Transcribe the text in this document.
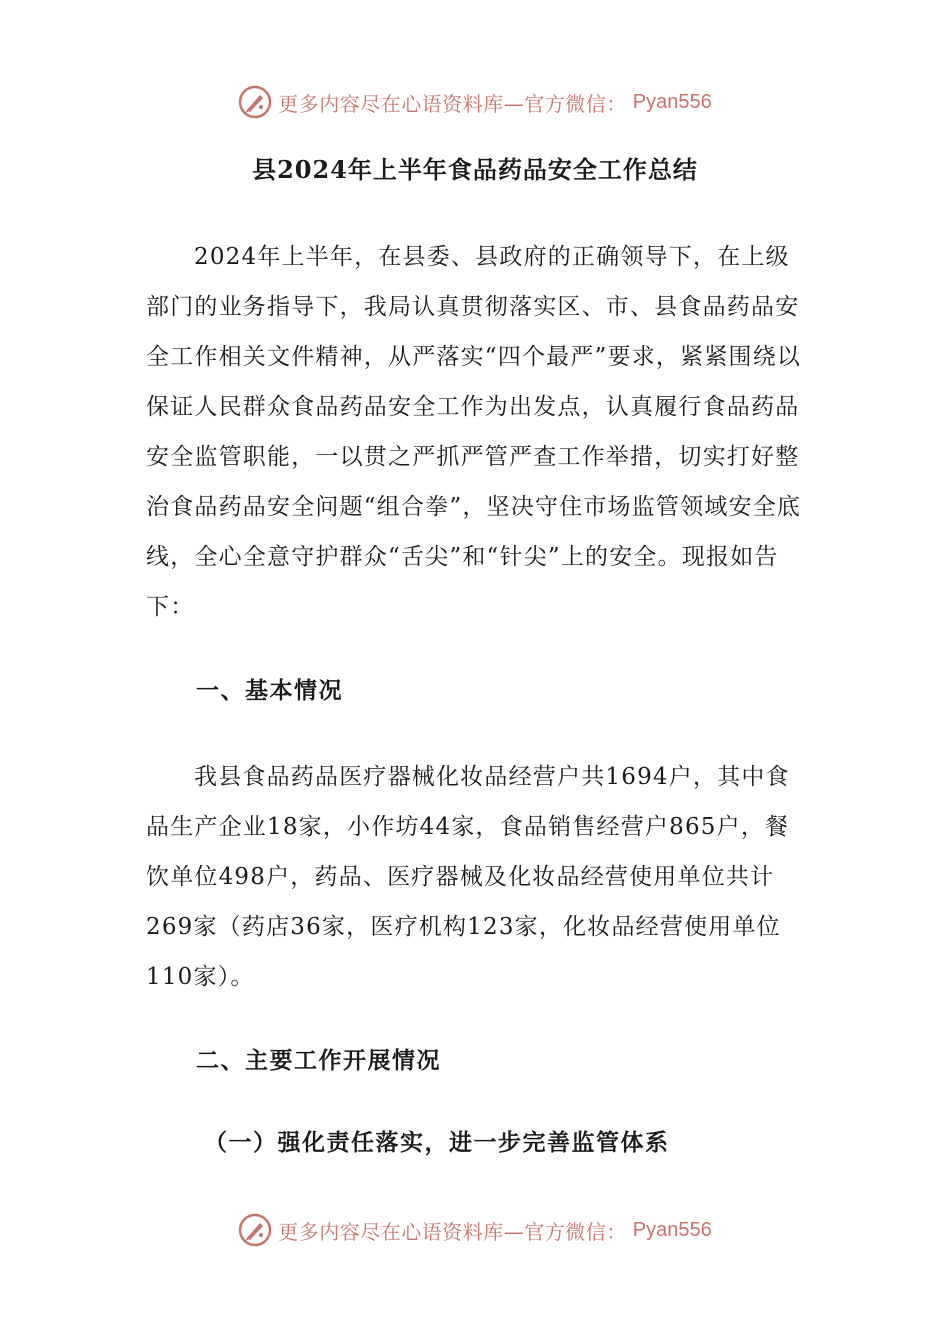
更多内容尽在心语资料库—官方微信： Pyan556
县2024年上半年食品药品安全工作总结

2024年上半年，在县委、县政府的正确领导下，在上级部门的业务指导下，我局认真贯彻落实区、市、县食品药品安全工作相关文件精神，从严落实“四个最严”要求，紧紧围绕以保证人民群众食品药品安全工作为出发点，认真履行食品药品安全监管职能，一以贯之严抓严管严查工作举措，切实打好整治食品药品安全问题“组合拳”，坚决守住市场监管领域安全底线，全心全意守护群众“舌尖”和“针尖”上的安全。现报如告下：

一、基本情况

我县食品药品医疗器械化妆品经营户共1694户，其中食品生产企业18家，小作坊44家，食品销售经营户865户，餐饮单位498户，药品、医疗器械及化妆品经营使用单位共计269家（药店36家，医疗机构123家，化妆品经营使用单位110家）。

二、主要工作开展情况

（一）强化责任落实，进一步完善监管体系

更多内容尽在心语资料库—官方微信： Pyan556
